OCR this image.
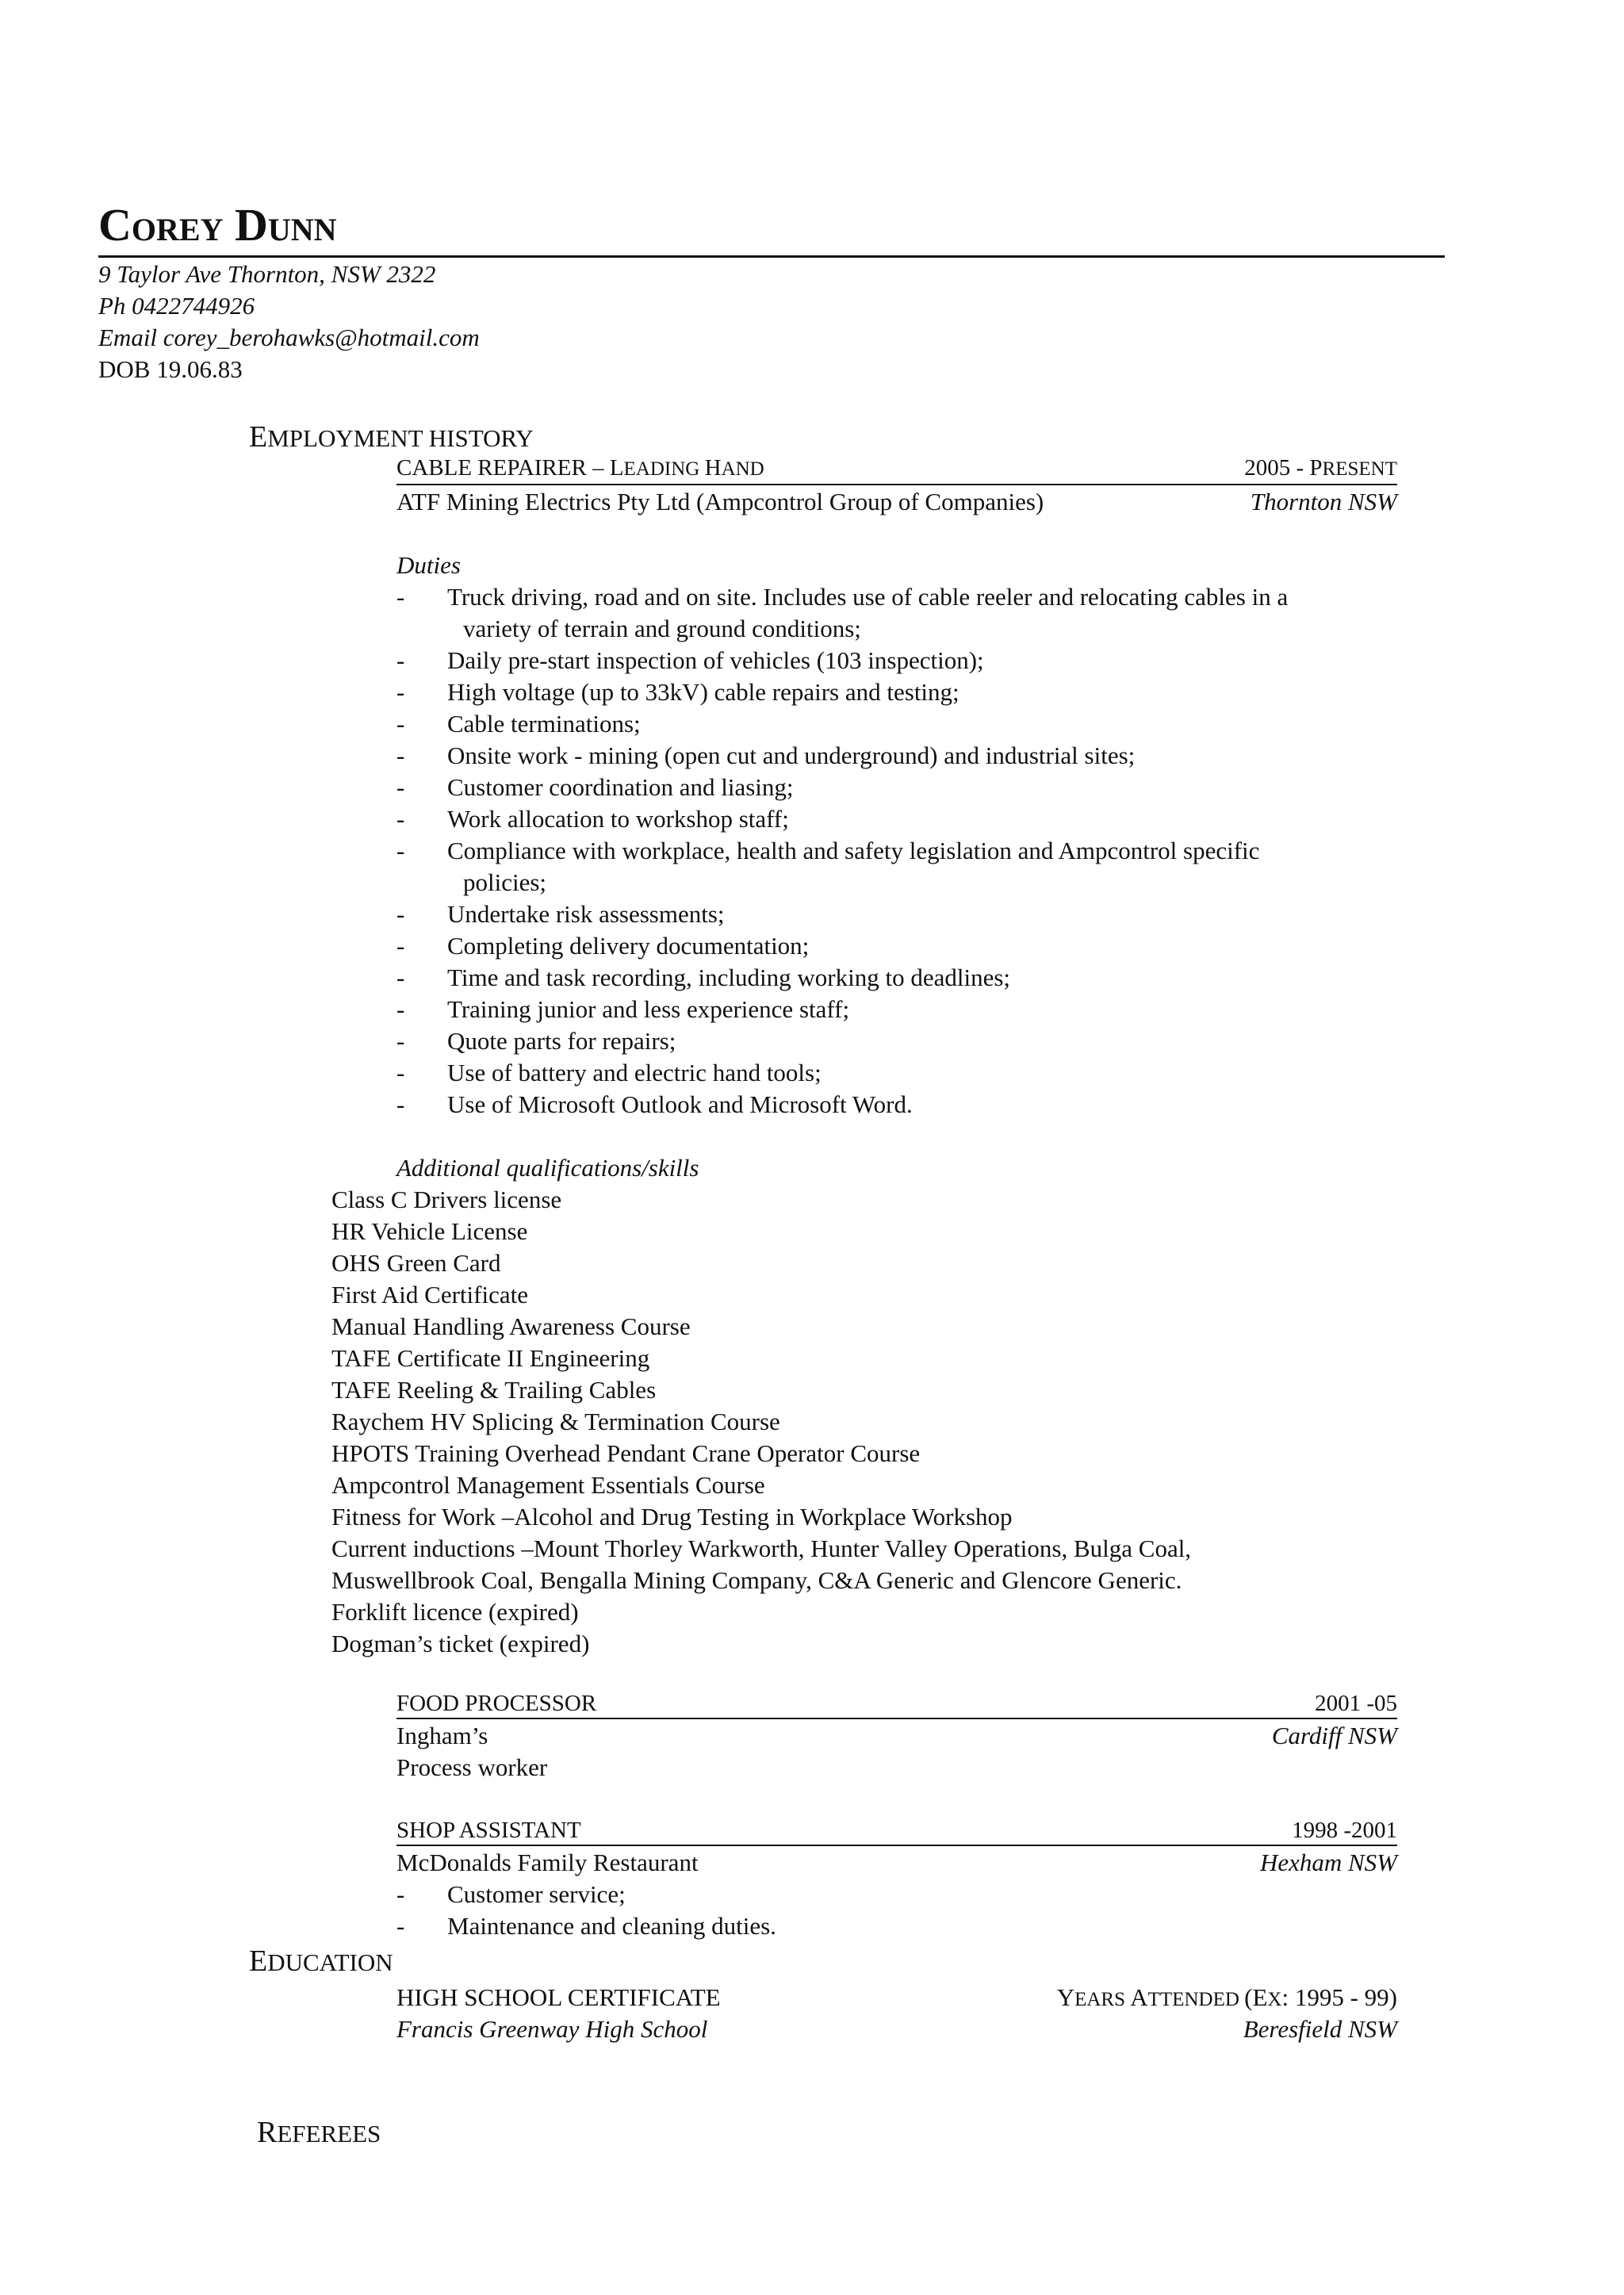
COREY DUNN
9 Taylor Ave Thornton, NSW 2322
Ph 0422744926
Email corey_berohawks@hotmail.com
DOB 19.06.83
EMPLOYMENT HISTORY
CABLE REPAIRER – LEADING HAND	2005 - PRESENT
ATF Mining Electrics Pty Ltd (Ampcontrol Group of Companies)	Thornton NSW
Duties
- Truck driving, road and on site. Includes use of cable reeler and relocating cables in a
variety of terrain and ground conditions;
- Daily pre-start inspection of vehicles (103 inspection);
- High voltage (up to 33kV) cable repairs and testing;
- Cable terminations;
- Onsite work - mining (open cut and underground) and industrial sites;
- Customer coordination and liasing;
- Work allocation to workshop staff;
- Compliance with workplace, health and safety legislation and Ampcontrol specific
policies;
- Undertake risk assessments;
- Completing delivery documentation;
- Time and task recording, including working to deadlines;
- Training junior and less experience staff;
- Quote parts for repairs;
- Use of battery and electric hand tools;
- Use of Microsoft Outlook and Microsoft Word.
Additional qualifications/skills
Class C Drivers license
HR Vehicle License
OHS Green Card
First Aid Certificate
Manual Handling Awareness Course
TAFE Certificate II Engineering
TAFE Reeling & Trailing Cables
Raychem HV Splicing & Termination Course
HPOTS Training Overhead Pendant Crane Operator Course
Ampcontrol Management Essentials Course
Fitness for Work –Alcohol and Drug Testing in Workplace Workshop
Current inductions –Mount Thorley Warkworth, Hunter Valley Operations, Bulga Coal,
Muswellbrook Coal, Bengalla Mining Company, C&A Generic and Glencore Generic.
Forklift licence (expired)
Dogman’s ticket (expired)
FOOD PROCESSOR	2001 -05
Ingham’s	Cardiff NSW
Process worker
SHOP ASSISTANT	1998 -2001
McDonalds Family Restaurant	Hexham NSW
- Customer service;
- Maintenance and cleaning duties.
EDUCATION
HIGH SCHOOL CERTIFICATE	YEARS ATTENDED (EX: 1995 - 99)
Francis Greenway High School	Beresfield NSW
REFEREES
